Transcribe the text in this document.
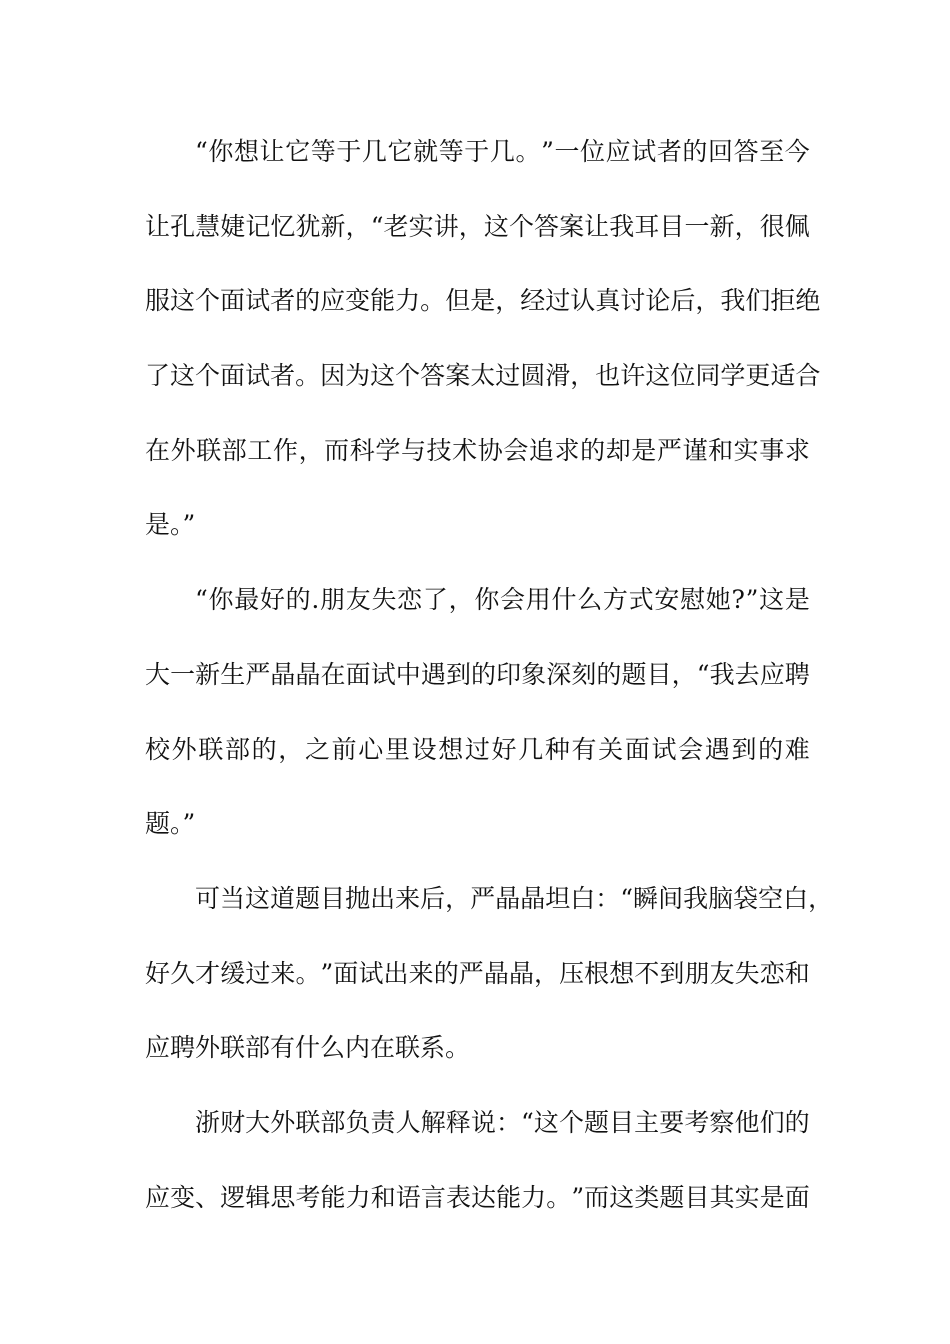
“ 你 想 让 它 等 于 几 它 就 等 于 几 。 ” 一 位 应 试 者 的 回 答 至 今
让 孔 慧 婕 记 忆 犹 新 ， “ 老 实 讲 ， 这 个 答 案 让 我 耳 目 一 新 ， 很 佩
服 这 个 面 试 者 的 应 变 能 力 。 但 是 ， 经 过 认 真 讨 论 后 ， 我 们 拒 绝
了 这 个 面 试 者 。 因 为 这 个 答 案 太 过 圆 滑 ， 也 许 这 位 同 学 更 适 合
在 外 联 部 工 作 ， 而 科 学 与 技 术 协 会 追 求 的 却 是 严 谨 和 实 事 求
是。”
“ 你 最 好 的 . 朋 友 失 恋 了 ， 你 会 用 什 么 方 式 安 慰 她 ? ” 这 是
大 一 新 生 严 晶 晶 在 面 试 中 遇 到 的 印 象 深 刻 的 题 目 ， “ 我 去 应 聘
校 外 联 部 的 ， 之 前 心 里 设 想 过 好 几 种 有 关 面 试 会 遇 到 的 难
题。”
可 当 这 道 题 目 抛 出 来 后 ， 严 晶 晶 坦 白 ： “ 瞬 间 我 脑 袋 空 白 ，
好 久 才 缓 过 来 。 ” 面 试 出 来 的 严 晶 晶 ， 压 根 想 不 到 朋 友 失 恋 和
应聘外联部有什么内在联系。
浙 财 大 外 联 部 负 责 人 解 释 说 ： “ 这 个 题 目 主 要 考 察 他 们 的
应 变 、 逻 辑 思 考 能 力 和 语 言 表 达 能 力 。 ” 而 这 类 题 目 其 实 是 面
